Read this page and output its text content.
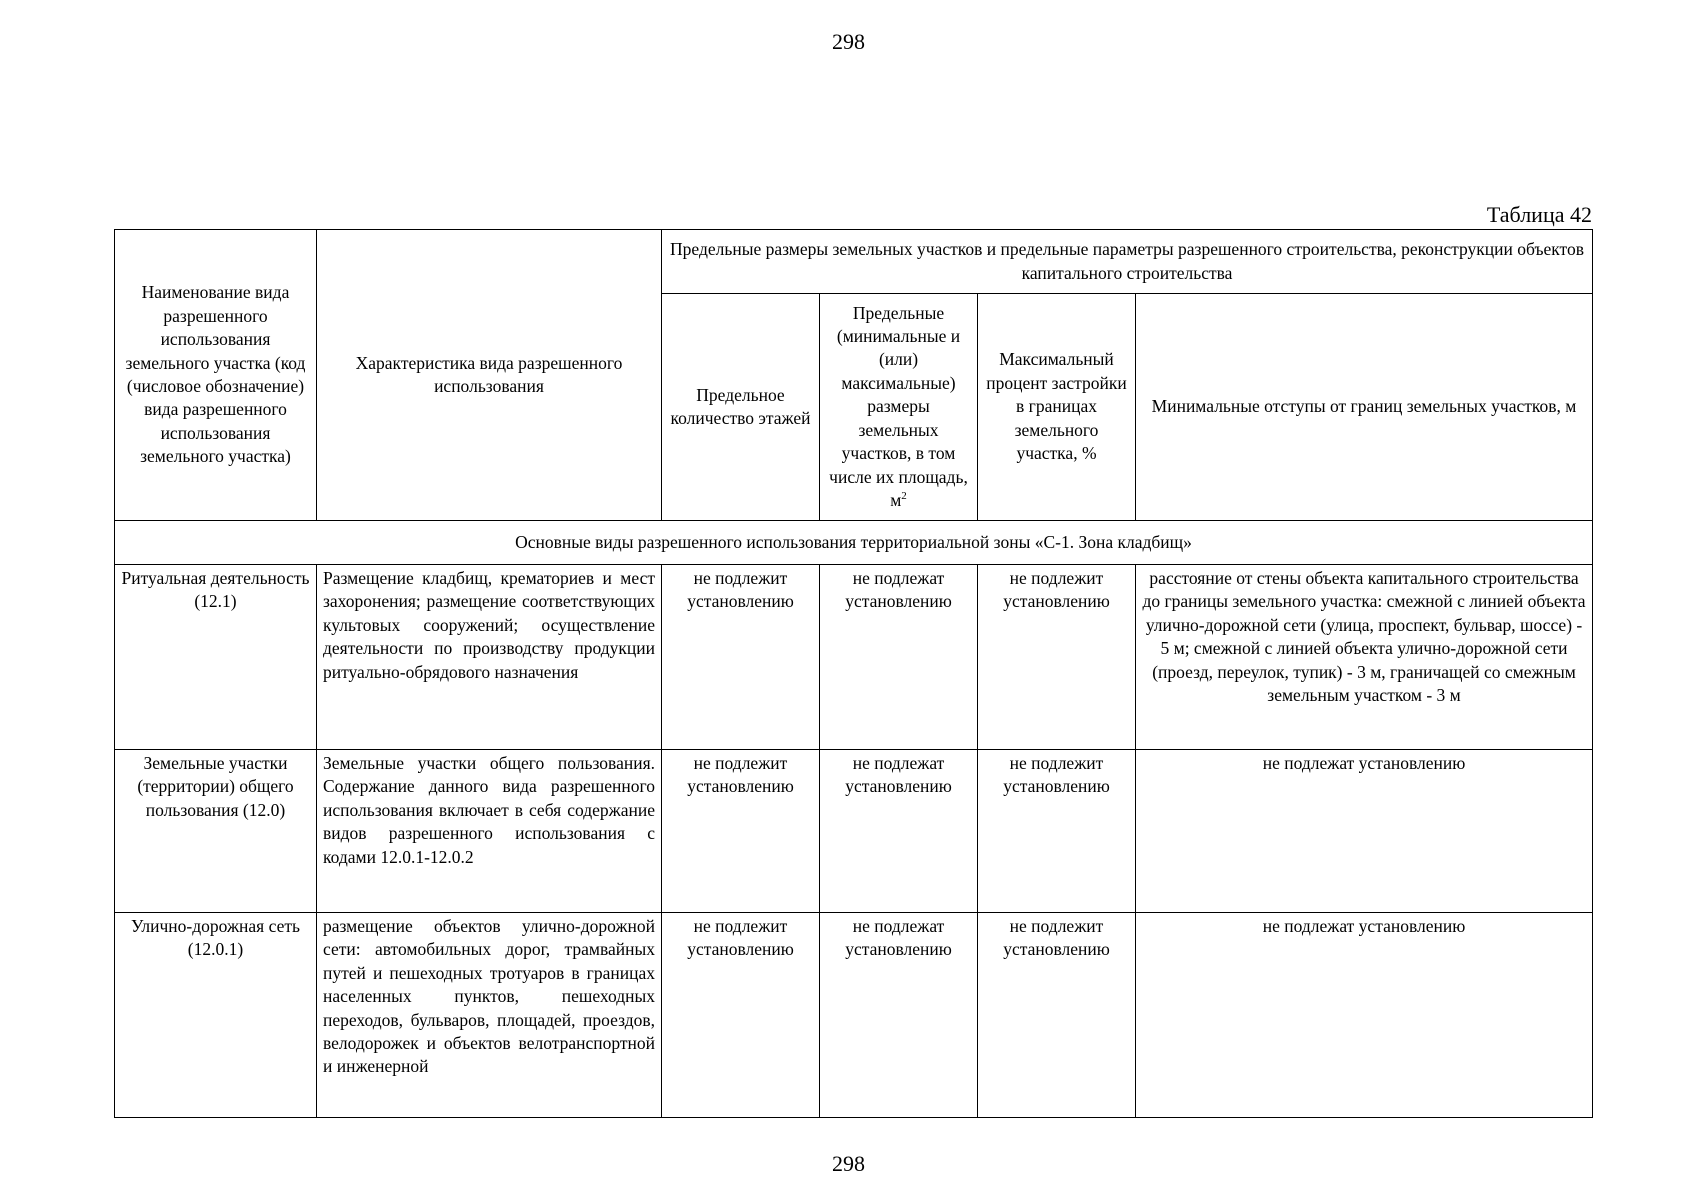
298
Таблица 42
Наименование вида разрешенного использования земельного участка (код (числовое обозначение) вида разрешенного использования земельного участка)	Характеристика вида разрешенного использования	Предельные размеры земельных участков и предельные параметры разрешенного строительства, реконструкции объектов капитального строительства			
		Предельное количество этажей	Предельные (минимальные и (или) максимальные) размеры земельных участков, в том числе их площадь, $м^2$	Максимальный процент застройки в границах земельного участка, %	Минимальные отступы от границ земельных участков, м
Основные виды разрешенного использования территориальной зоны «С-1. Зона кладбищ»					
Ритуальная деятельность (12.1)	Размещение кладбищ, крематориев и мест захоронения; размещение соответствующих культовых сооружений; осуществление деятельности по производству продукции ритуально-обрядового назначения	не подлежит установлению	не подлежат установлению	не подлежит установлению	расстояние от стены объекта капитального строительства до границы земельного участка: смежной с линией объекта улично-дорожной сети (улица, проспект, бульвар, шоссе) - 5 м; смежной с линией объекта улично-дорожной сети (проезд, переулок, тупик) - 3 м, граничащей со смежным земельным участком - 3 м
Земельные участки (территории) общего пользования (12.0)	Земельные участки общего пользования. Содержание данного вида разрешенного использования включает в себя содержание видов разрешенного использования с кодами 12.0.1-12.0.2	не подлежит установлению	не подлежат установлению	не подлежит установлению	не подлежат установлению
Улично-дорожная сеть (12.0.1)	размещение объектов улично-дорожной сети: автомобильных дорог, трамвайных путей и пешеходных тротуаров в границах населенных пунктов, пешеходных переходов, бульваров, площадей, проездов, велодорожек и объектов велотранспортной и инженерной	не подлежит установлению	не подлежат установлению	не подлежит установлению	не подлежат установлению
298
